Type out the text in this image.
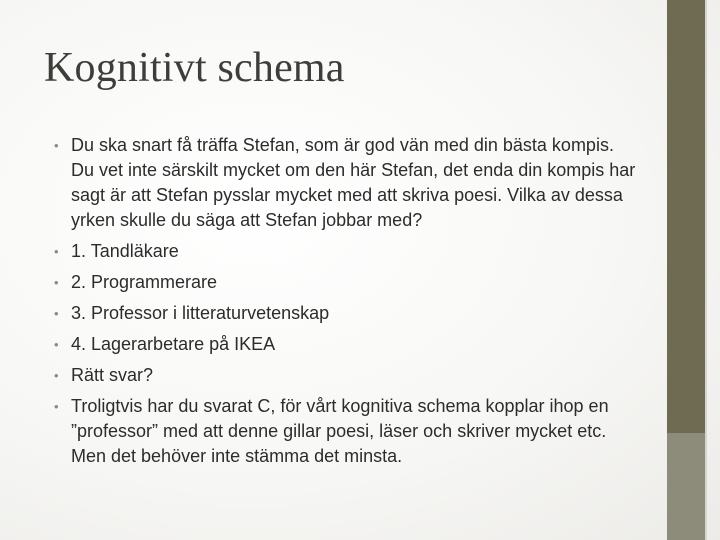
Kognitivt schema
• Du ska snart få träffa Stefan, som är god vän med din bästa kompis. Du vet inte särskilt mycket om den här Stefan, det enda din kompis har sagt är att Stefan pysslar mycket med att skriva poesi. Vilka av dessa yrken skulle du säga att Stefan jobbar med?
• 1. Tandläkare
• 2. Programmerare
• 3. Professor i litteraturvetenskap
• 4. Lagerarbetare på IKEA
• Rätt svar?
• Troligtvis har du svarat C, för vårt kognitiva schema kopplar ihop en ”professor” med att denne gillar poesi, läser och skriver mycket etc. Men det behöver inte stämma det minsta.
